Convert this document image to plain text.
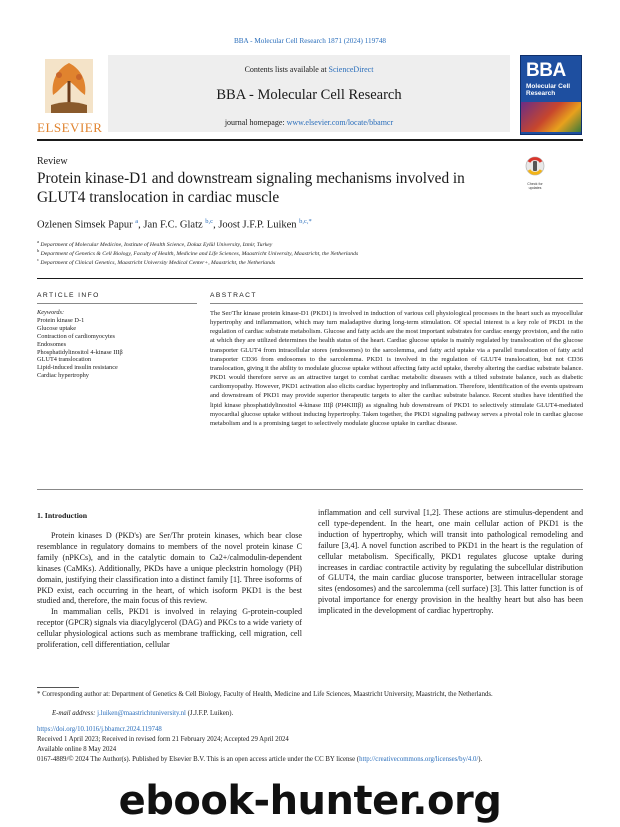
BBA - Molecular Cell Research 1871 (2024) 119748
ELSEVIER
Contents lists available at ScienceDirect
BBA - Molecular Cell Research
journal homepage: www.elsevier.com/locate/bbamcr
BBA
Molecular Cell Research
Review
Protein kinase-D1 and downstream signaling mechanisms involved in GLUT4 translocation in cardiac muscle
Check for updates
Ozlenen Simsek Papur $^a$, Jan F.C. Glatz $^{b,c}$, Joost J.F.P. Luiken $^{b,c,*}$
$^a$ Department of Molecular Medicine, Institute of Health Science, Dokuz Eylül University, Izmir, Turkey
$^b$ Department of Genetics & Cell Biology, Faculty of Health, Medicine and Life Sciences, Maastricht University, Maastricht, the Netherlands
$^c$ Department of Clinical Genetics, Maastricht University Medical Center+, Maastricht, the Netherlands
ARTICLE INFO	ABSTRACT
Keywords:
Protein kinase D-1
Glucose uptake
Contraction of cardiomyocytes
Endosomes
Phosphatidylinositol 4-kinase IIIβ
GLUT4 translocation
Lipid-induced insulin resistance
Cardiac hypertrophy
The Ser/Thr kinase protein kinase-D1 (PKD1) is involved in induction of various cell physiological processes in the heart such as myocellular hypertrophy and inflammation, which may turn maladaptive during long-term stimulation. Of special interest is a key role of PKD1 in the regulation of cardiac substrate metabolism. Glucose and fatty acids are the most important substrates for cardiac energy provision, and the ratio at which they are utilized determines the health status of the heart. Cardiac glucose uptake is mainly regulated by translocation of the glucose transporter GLUT4 from intracellular stores (endosomes) to the sarcolemma, and fatty acid uptake via a parallel translocation of fatty acid transporter CD36 from endosomes to the sarcolemma. PKD1 is involved in the regulation of GLUT4 translocation, but not CD36 translocation, giving it the ability to modulate glucose uptake without affecting fatty acid uptake, thereby altering the cardiac substrate balance. PKD1 would therefore serve as an attractive target to combat cardiac metabolic diseases with a tilted substrate balance, such as diabetic cardiomyopathy. However, PKD1 activation also elicits cardiac hypertrophy and inflammation. Therefore, identification of the events upstream and downstream of PKD1 may provide superior therapeutic targets to alter the cardiac substrate balance. Recent studies have identified the lipid kinase phosphatidylinositol 4-kinase IIIβ (PI4KIIIβ) as signaling hub downstream of PKD1 to selectively stimulate GLUT4-mediated myocardial glucose uptake without inducing hypertrophy. Taken together, the PKD1 signaling pathway serves a pivotal role in cardiac glucose metabolism and is a promising target to selectively modulate glucose uptake in cardiac disease.
1. Introduction

Protein kinases D (PKD's) are Ser/Thr protein kinases, which bear close resemblance in regulatory domains to members of the novel protein kinase C family (nPKCs), and in the catalytic domain to Ca2+/calmodulin-dependent kinases (CaMKs). Additionally, PKDs have a unique pleckstrin homology (PH) domain, justifying their classification into a distinct family [1]. Three isoforms of PKD exist, each occurring in the heart, of which isoform PKD1 is the best studied and, therefore, the main focus of this review.

In mammalian cells, PKD1 is involved in relaying G-protein-coupled receptor (GPCR) signals via diacylglycerol (DAG) and PKCs to a wide variety of cellular physiological actions such as membrane trafficking, cell migration, cell proliferation, cell differentiation, cellular

inflammation and cell survival [1,2]. These actions are stimulus-dependent and cell type-dependent. In the heart, one main cellular action of PKD1 is the induction of hypertrophy, which will transit into pathological remodeling and failure [3,4]. A novel function ascribed to PKD1 in the heart is the regulation of cellular metabolism. Specifically, PKD1 regulates glucose uptake during increases in cardiac contractile activity by regulating the subcellular distribution of GLUT4, the main cardiac glucose transporter, between intracellular storage sites (endosomes) and the sarcolemma (cell surface) [3]. This latter function is of pivotal importance for energy provision in the healthy heart but also has been implicated in the development of cardiac hypertrophy.

* Corresponding author at: Department of Genetics & Cell Biology, Faculty of Health, Medicine and Life Sciences, Maastricht University, Maastricht, the Netherlands.
E-mail address: j.luiken@maastrichtuniversity.nl (J.J.F.P. Luiken).
https://doi.org/10.1016/j.bbamcr.2024.119748
Received 1 April 2023; Received in revised form 21 February 2024; Accepted 29 April 2024
Available online 8 May 2024
0167-4889/© 2024 The Author(s). Published by Elsevier B.V. This is an open access article under the CC BY license (http://creativecommons.org/licenses/by/4.0/).
ebook-hunter.org
